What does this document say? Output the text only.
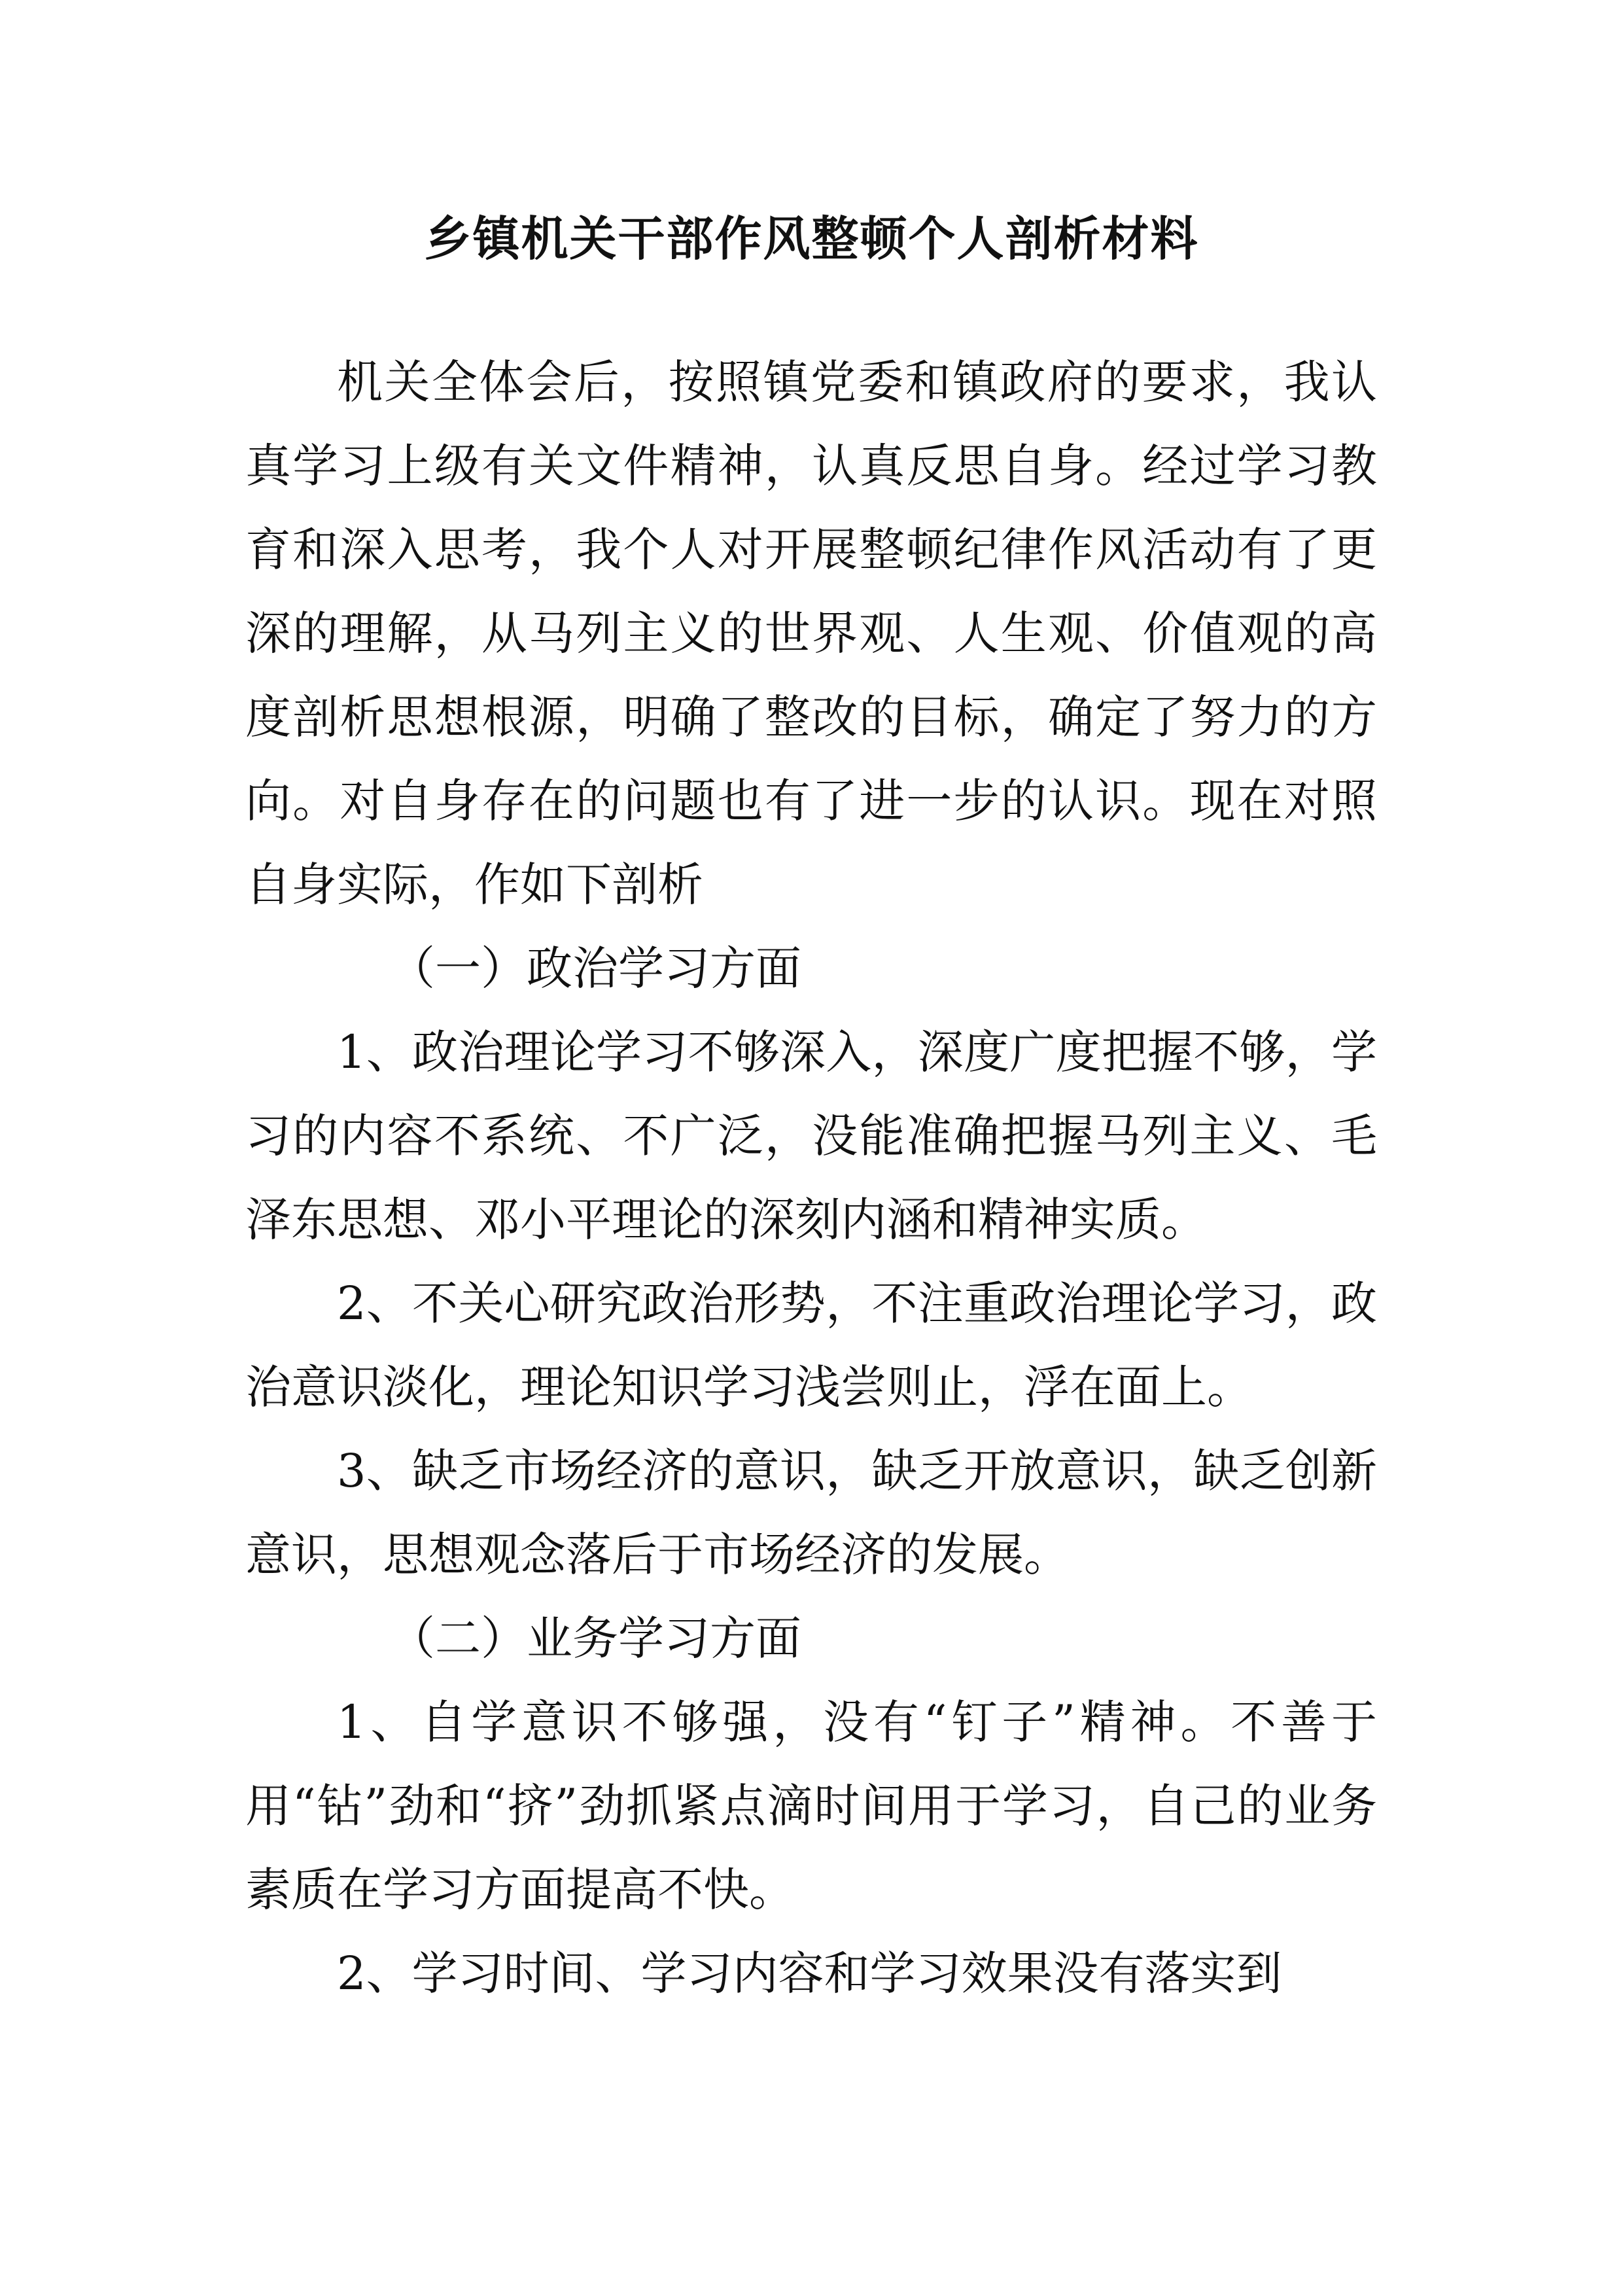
乡镇机关干部作风整顿个人剖析材料

机关全体会后，按照镇党委和镇政府的要求，我认真学习上级有关文件精神，认真反思自身。经过学习教育和深入思考，我个人对开展整顿纪律作风活动有了更深的理解，从马列主义的世界观、人生观、价值观的高度剖析思想根源，明确了整改的目标，确定了努力的方向。对自身存在的问题也有了进一步的认识。现在对照自身实际，作如下剖析

（一）政治学习方面

1、政治理论学习不够深入，深度广度把握不够，学习的内容不系统、不广泛，没能准确把握马列主义、毛泽东思想、邓小平理论的深刻内涵和精神实质。

2、不关心研究政治形势，不注重政治理论学习，政治意识淡化，理论知识学习浅尝则止，浮在面上。

3、缺乏市场经济的意识，缺乏开放意识，缺乏创新意识，思想观念落后于市场经济的发展。

（二）业务学习方面

1、自学意识不够强，没有“钉子”精神。不善于用“钻”劲和“挤”劲抓紧点滴时间用于学习，自己的业务素质在学习方面提高不快。

2、学习时间、学习内容和学习效果没有落实到
